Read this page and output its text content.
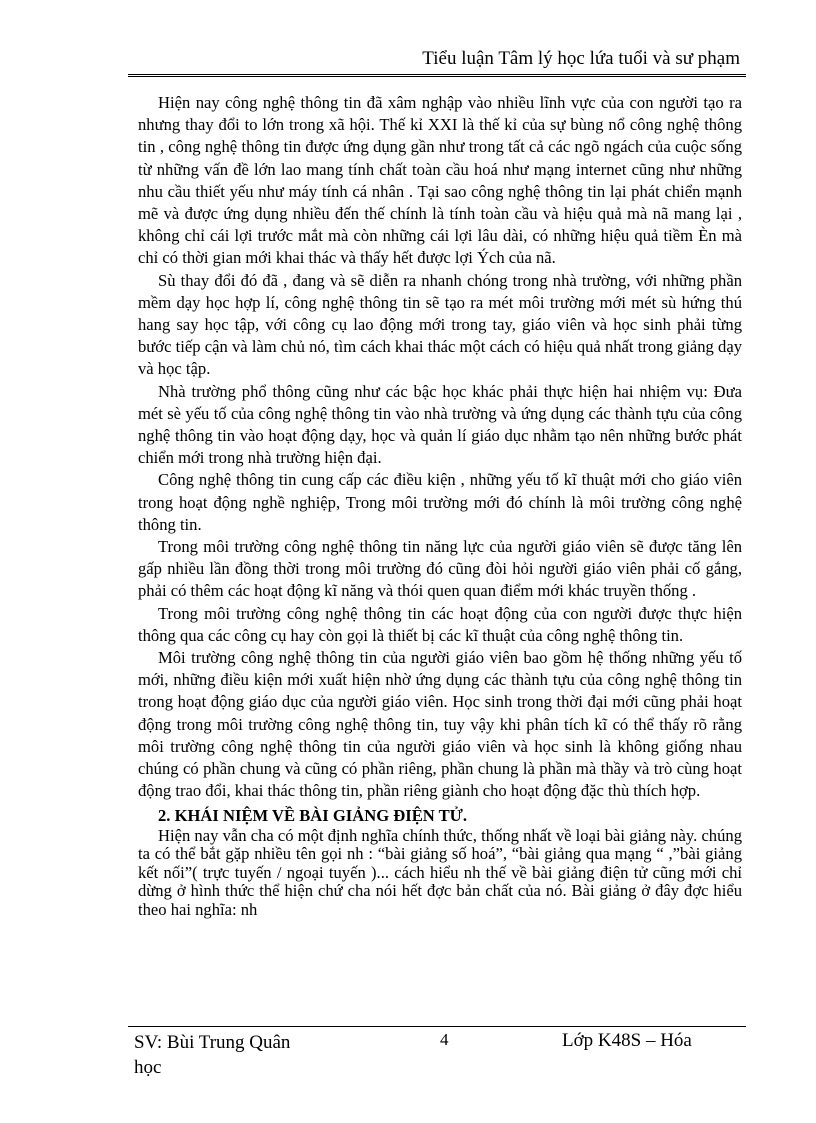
Tiểu luận Tâm lý học lứa tuổi và sư phạm

Hiện nay công nghệ thông tin đã xâm nghập vào nhiều lĩnh vực của con người tạo ra nhưng thay đổi to lớn trong xã hội. Thế kỉ XXI là thế kỉ của sự bùng nổ công nghệ thông tin , công nghệ thông tin được ứng dụng gần như trong tất cả các ngõ ngách của cuộc sống từ những vấn đề lớn lao mang tính chất toàn cầu hoá như mạng internet cũng như những nhu cầu thiết yếu như máy tính cá nhân . Tại sao công nghệ thông tin lại phát chiển mạnh mẽ và được ứng dụng nhiều đến thế chính là tính toàn cầu và hiệu quả mà nã mang lại , không chỉ cái lợi trước mắt mà còn những cái lợi lâu dài, có những hiệu quả tiềm Èn mà chỉ có thời gian mới khai thác và thấy hết được lợi Ých của nã.

Sù thay đổi đó đã , đang và sẽ diễn ra nhanh chóng trong nhà trường, với những phần mềm dạy học hợp lí, công nghệ thông tin sẽ tạo ra mét môi trường mới mét sù hứng thú hang say học tập, với công cụ lao động mới trong tay, giáo viên và học sinh phải từng bước tiếp cận và làm chủ nó, tìm cách khai thác một cách có hiệu quả nhất trong giảng dạy và học tập.

Nhà trường phổ thông cũng như các bậc học khác phải thực hiện hai nhiệm vụ: Đưa mét sè yếu tố của công nghệ thông tin vào nhà trường và ứng dụng các thành tựu của công nghệ thông tin vào hoạt động dạy, học và quản lí giáo dục nhằm tạo nên những bước phát chiển mới trong nhà trường hiện đại.

Công nghệ thông tin cung cấp các điều kiện , những yếu tố kĩ thuật mới cho giáo viên trong hoạt động nghề nghiệp, Trong môi trường mới đó chính là môi trường công nghệ thông tin.

Trong môi trường công nghệ thông tin năng lực của người giáo viên sẽ được tăng lên gấp nhiều lần đồng thời trong môi trường đó cũng đòi hỏi người giáo viên phải cố gắng, phải có thêm các hoạt động kĩ năng và thói quen quan điểm mới khác truyền thống .

Trong môi trường công nghệ thông tin các hoạt động của con người được thực hiện thông qua các công cụ hay còn gọi là thiết bị các kĩ thuật của công nghệ thông tin.

Môi trường công nghệ thông tin của người giáo viên bao gồm hệ thống những yếu tố mới, những điều kiện mới xuất hiện nhờ ứng dụng các thành tựu của công nghệ thông tin trong hoạt động giáo dục của người giáo viên. Học sinh trong thời đại mới cũng phải hoạt động trong môi trường công nghệ thông tin, tuy vậy khi phân tích kĩ có thể thấy rõ rằng môi trường công nghệ thông tin của người giáo viên và học sinh là không giống nhau chúng có phần chung và cũng có phần riêng, phần chung là phần mà thầy và trò cùng hoạt động trao đổi, khai thác thông tin, phần riêng giành cho hoạt động đặc thù thích hợp.

2. KHÁI NIỆM VỀ BÀI GIẢNG ĐIỆN TỬ.

Hiện nay vẫn cha có một định nghĩa chính thức, thống nhất về loại bài giảng này. chúng ta có thể bắt gặp nhiều tên gọi nh : “bài giảng số hoá”, “bài giảng qua mạng “ ,”bài giảng kết nối”( trực tuyến / ngoại tuyến )... cách hiểu nh thế về bài giảng điện tử cũng mới chỉ dừng ở hình thức thể hiện chứ cha nói hết đợc bản chất của nó. Bài giảng ở đây đợc hiểu theo hai nghĩa: nh

SV: Bùi Trung Quân
học
4	Lớp K48S – Hóa
